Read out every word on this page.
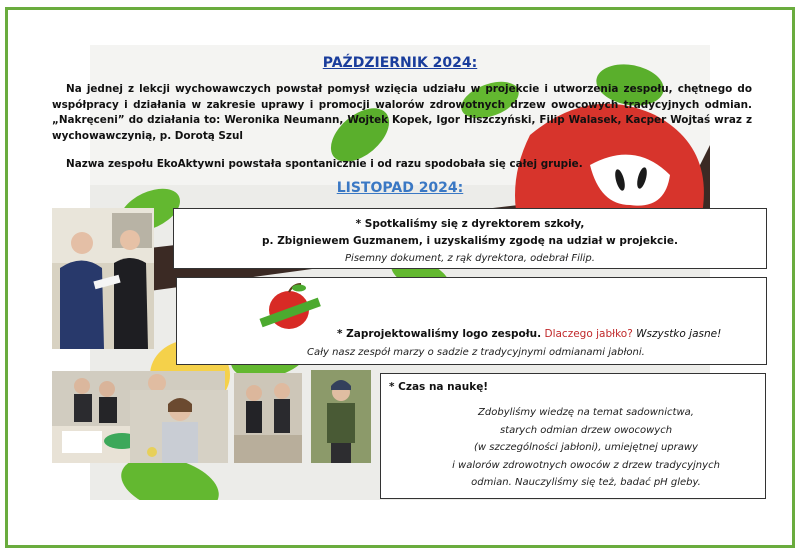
PAŹDZIERNIK 2024:
Na jednej z lekcji wychowawczych powstał pomysł wzięcia udziału w projekcie i utworzenia zespołu, chętnego do współpracy i działania w zakresie uprawy i promocji walorów zdrowotnych drzew owocowych tradycyjnych odmian. „Nakręceni” do działania to: Weronika Neumann, Wojtek Kopek, Igor Hiszczyński, Filip Walasek, Kacper Wojtaś wraz z wychowawczynią, p. Dorotą Szul
Nazwa zespołu EkoAktywni powstała spontanicznie i od razu spodobała się całej grupie.
LISTOPAD 2024:
* Spotkaliśmy się z dyrektorem szkoły,
p. Zbigniewem Guzmanem, i uzyskaliśmy zgodę na udział w projekcie.
Pisemny dokument, z rąk dyrektora, odebrał Filip.
* Zaprojektowaliśmy logo zespołu. Dlaczego jabłko? Wszystko jasne!
Cały nasz zespół marzy o sadzie z tradycyjnymi odmianami jabłoni.
* Czas na naukę!
Zdobyliśmy wiedzę na temat sadownictwa,
starych odmian drzew owocowych
(w szczególności jabłoni), umiejętnej uprawy
i walorów zdrowotnych owoców z drzew tradycyjnych
odmian. Nauczyliśmy się też, badać pH gleby.
